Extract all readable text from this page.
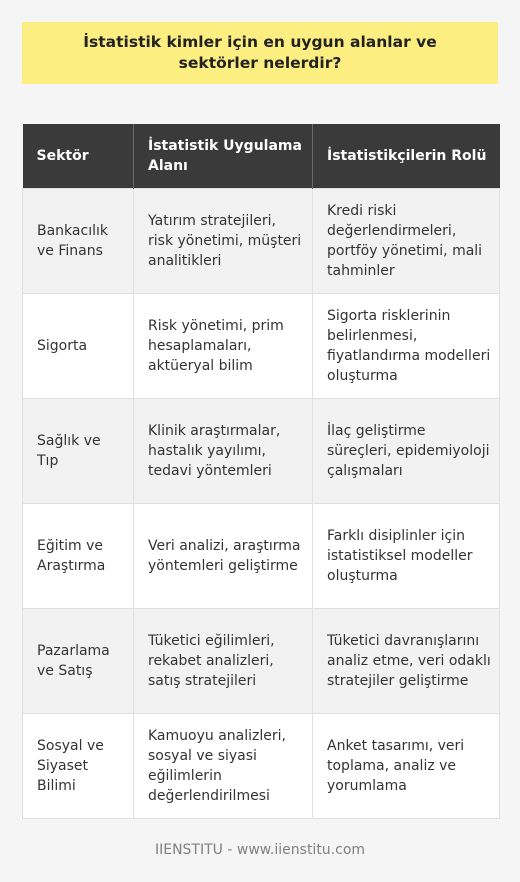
İstatistik kimler için en uygun alanlar ve sektörler nelerdir?
Sektör	İstatistik Uygulama Alanı	İstatistikçilerin Rolü
Bankacılık ve Finans	Yatırım stratejileri, risk yönetimi, müşteri analitikleri	Kredi riski değerlendirmeleri, portföy yönetimi, mali tahminler
Sigorta	Risk yönetimi, prim hesaplamaları, aktüeryal bilim	Sigorta risklerinin belirlenmesi, fiyatlandırma modelleri oluşturma
Sağlık ve Tıp	Klinik araştırmalar, hastalık yayılımı, tedavi yöntemleri	İlaç geliştirme süreçleri, epidemiyoloji çalışmaları
Eğitim ve Araştırma	Veri analizi, araştırma yöntemleri geliştirme	Farklı disiplinler için istatistiksel modeller oluşturma
Pazarlama ve Satış	Tüketici eğilimleri, rekabet analizleri, satış stratejileri	Tüketici davranışlarını analiz etme, veri odaklı stratejiler geliştirme
Sosyal ve Siyaset Bilimi	Kamuoyu analizleri, sosyal ve siyasi eğilimlerin değerlendirilmesi	Anket tasarımı, veri toplama, analiz ve yorumlama
IIENSTITU - www.iienstitu.com
